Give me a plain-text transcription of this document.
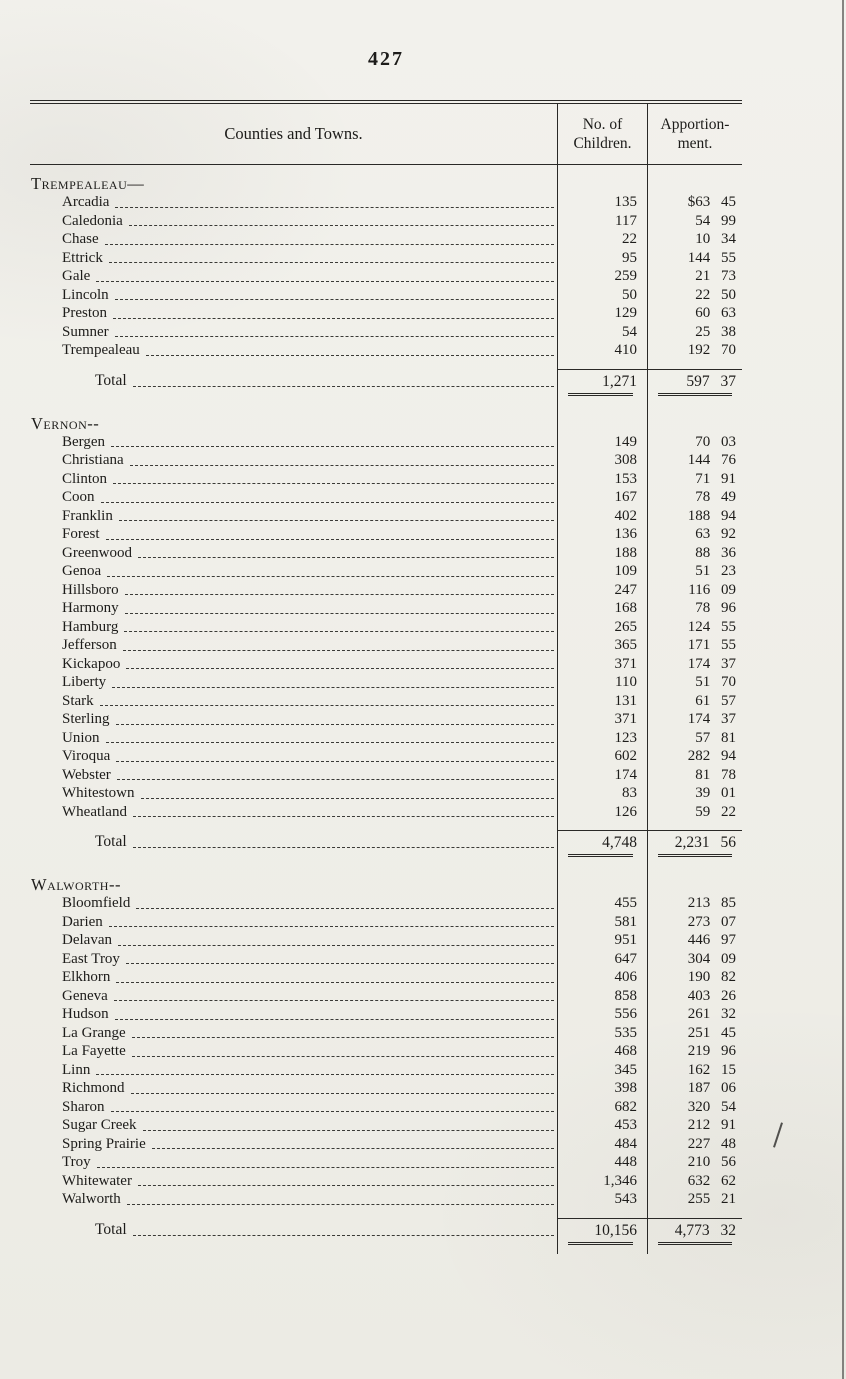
427
Counties and Towns.	No. of
Children.
Apportion-
ment.
Trempealeau—
Arcadia	135	$63 45
Caledonia	117	54 99
Chase	22	10 34
Ettrick	95	144 55
Gale	259	21 73
Lincoln	50	22 50
Preston	129	60 63
Sumner	54	25 38
Trempealeau	410	192 70
Total	1,271	597 37
Vernon--
Bergen	149	70 03
Christiana	308	144 76
Clinton	153	71 91
Coon	167	78 49
Franklin	402	188 94
Forest	136	63 92
Greenwood	188	88 36
Genoa	109	51 23
Hillsboro	247	116 09
Harmony	168	78 96
Hamburg	265	124 55
Jefferson	365	171 55
Kickapoo	371	174 37
Liberty	110	51 70
Stark	131	61 57
Sterling	371	174 37
Union	123	57 81
Viroqua	602	282 94
Webster	174	81 78
Whitestown	83	39 01
Wheatland	126	59 22
Total	4,748	2,231 56
Walworth--
Bloomfield	455	213 85
Darien	581	273 07
Delavan	951	446 97
East Troy	647	304 09
Elkhorn	406	190 82
Geneva	858	403 26
Hudson	556	261 32
La Grange	535	251 45
La Fayette	468	219 96
Linn	345	162 15
Richmond	398	187 06
Sharon	682	320 54
Sugar Creek	453	212 91
Spring Prairie	484	227 48
Troy	448	210 56
Whitewater	1,346	632 62
Walworth	543	255 21
Total	10,156	4,773 32
